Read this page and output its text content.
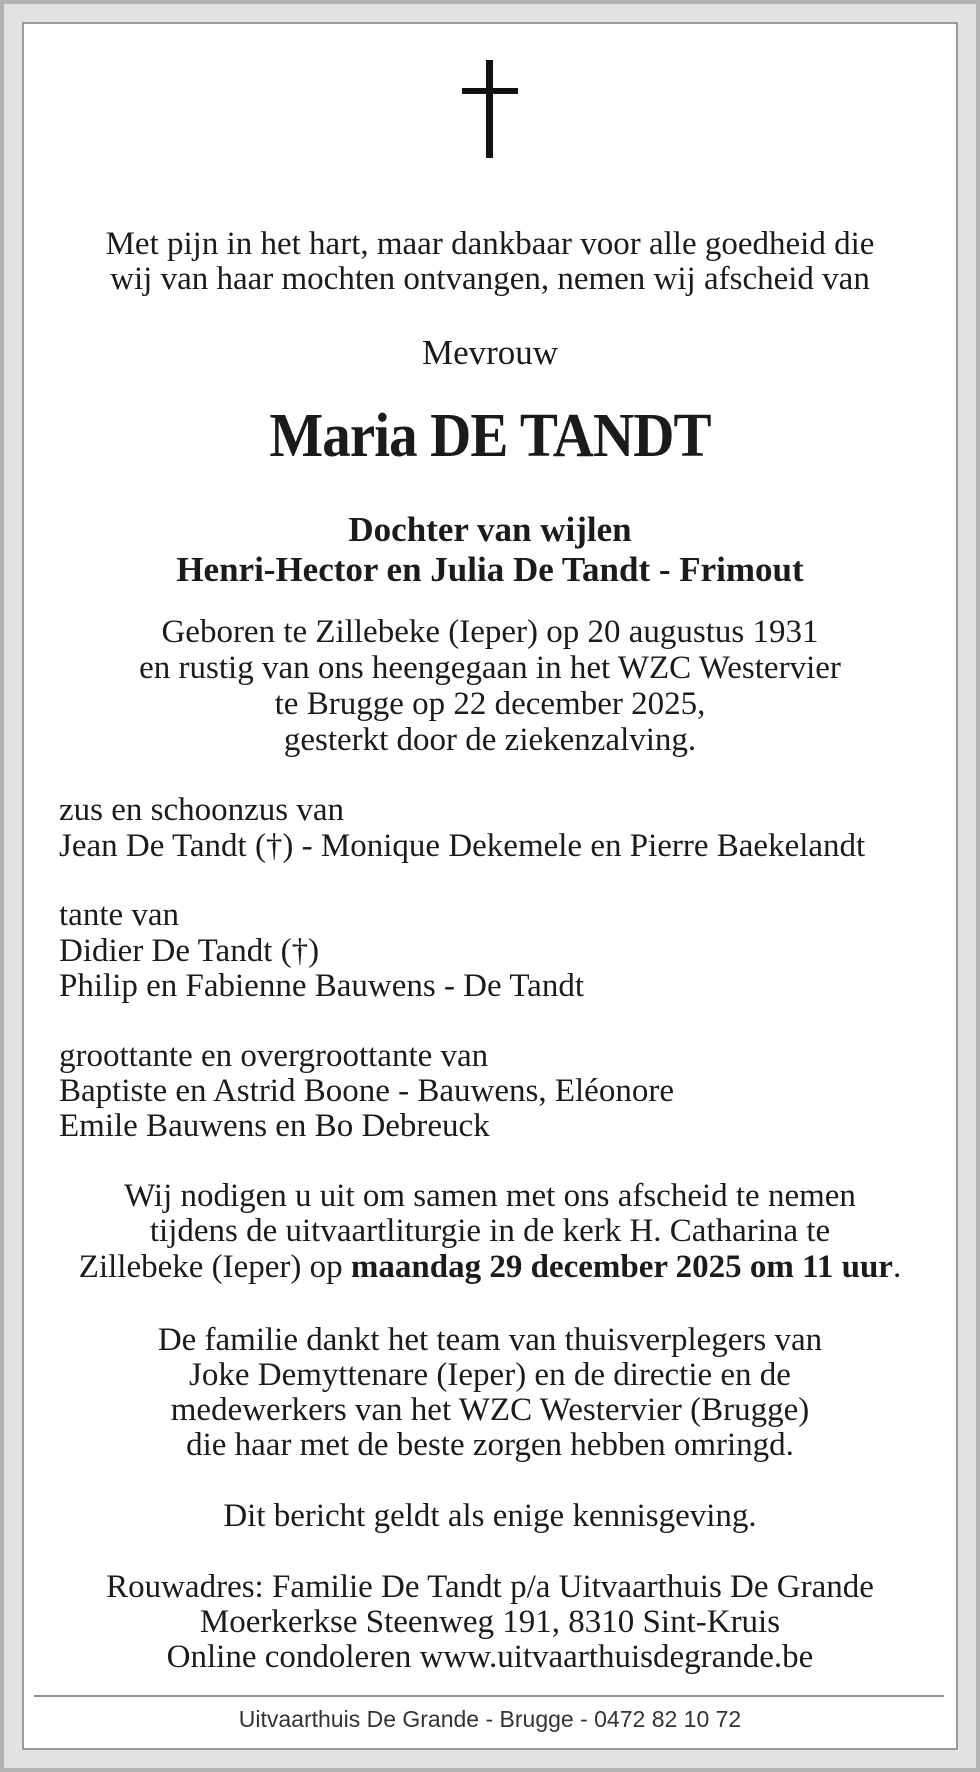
Met pijn in het hart, maar dankbaar voor alle goedheid die
wij van haar mochten ontvangen, nemen wij afscheid van
Mevrouw
Maria DE TANDT
Dochter van wijlen
Henri-Hector en Julia De Tandt - Frimout
Geboren te Zillebeke (Ieper) op 20 augustus 1931
en rustig van ons heengegaan in het WZC Westervier
te Brugge op 22 december 2025,
gesterkt door de ziekenzalving.
zus en schoonzus van
Jean De Tandt (†) - Monique Dekemele en Pierre Baekelandt
tante van
Didier De Tandt (†)
Philip en Fabienne Bauwens - De Tandt
groottante en overgroottante van
Baptiste en Astrid Boone - Bauwens, Eléonore
Emile Bauwens en Bo Debreuck
Wij nodigen u uit om samen met ons afscheid te nemen
tijdens de uitvaartliturgie in de kerk H. Catharina te
Zillebeke (Ieper) op maandag 29 december 2025 om 11 uur.
De familie dankt het team van thuisverplegers van
Joke Demyttenare (Ieper) en de directie en de
medewerkers van het WZC Westervier (Brugge)
die haar met de beste zorgen hebben omringd.
Dit bericht geldt als enige kennisgeving.
Rouwadres: Familie De Tandt p/a Uitvaarthuis De Grande
Moerkerkse Steenweg 191, 8310 Sint-Kruis
Online condoleren www.uitvaarthuisdegrande.be
Uitvaarthuis De Grande - Brugge - 0472 82 10 72
